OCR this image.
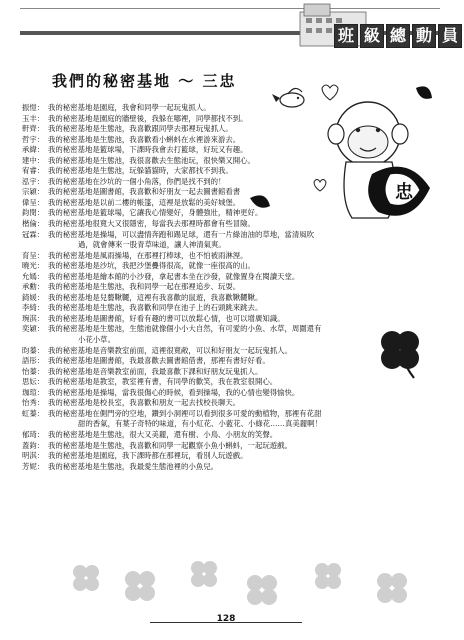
班 級 總 動 員
我們的秘密基地 ～ 三忠
忠
振愷： 我的秘密基地是園庭，我會和同學一起玩鬼抓人。
玉丰： 我的秘密基地是園庭的牆壁後，我躲在哪裡，同學都找不到。
軒齊： 我的秘密基地是生態池，我喜歡跟同學去那裡玩鬼抓人。
哲宇： 我的秘密基地是生態池，我喜歡看小蝌蚪在水裡游來游去。
承緯： 我的秘密基地是籃球場，下課時我會去打籃球，好玩又有趣。
建中： 我的秘密基地是生態池，我很喜歡去生態池玩，很快樂又開心。
宥睿： 我的秘密基地是生態池，玩躲貓貓時，大家都找不到我。
泓宇： 我的秘密基地在沙坑的一個小角落，你們是找不到的！
宗穎： 我的秘密基地是圖書館，我喜歡和好朋友一起去圖書館看書
偉呈： 我的秘密基地是以前二樓的帳篷，這裡是放鬆的美好城堡。
鈞閔： 我的秘密基地是籃球場，它讓我心情變好，身體強壯，精神更好。
楷倫： 我的秘密基地很寬大又很隱密，每當我去那裡時都會有些冒險。
冠霖： 我的秘密基地是操場，可以盡情奔跑和踢足球，還有一片綠油油的草地，當清風吹
過，就會傳來一股青草味道，讓人神清氣爽。
育呈： 我的秘密基地是風雨操場，在那裡打棒球，也不怕被雨淋溼。
曉光： 我的秘密基地是沙坑，我把沙堡疊得很高，就像一座很高的山。
允嫣： 我的秘密基地是繪本館的小沙發，拿起書本坐在沙發，就像置身在閱讀天堂。
承勳： 我的秘密基地是生態池，我和同學一起在那裡追步、玩耍。
錡媛： 我的秘密基地是兒藝鞦韆，這裡有我喜歡的鼠遊，我喜歡鞦韆鞦。
李綺： 我的秘密基地是生態池，我喜歡和同學在池子上的石頭跳來跳去。
琬淇： 我的秘密基地是圖書館，好看有趣的書可以放鬆心情，也可以增廣知識。
奕穎： 我的秘密基地是生態池，生態池就像個小小大自然，有可愛的小魚、水草，周圍還有
小花小草。
昀蓁： 我的秘密基地是音樂教室前面，這裡很寬敞，可以和好朋友一起玩鬼抓人。
語彤： 我的秘密基地是圖書館，我最喜歡去圖書館借書，那裡有書好好看。
怡蓁： 我的秘密基地是音樂教室前面，我最喜歡下課和好朋友玩鬼抓人。
思妘： 我的秘密基地是教室，教室裡有書，有同學的歡笑，我在教室很開心。
珈瑄： 我的秘密基地是操場，當我很傷心的時候，看到操場，我的心情也變得愉快。
怡秀： 我的秘密基地是校長室，我喜歡和朋友一起去找校長聊天。
虹蓁： 我的秘密基地在側門旁的空地，鑽到小洞裡可以看到很多可愛的動植物，那裡有花甜
甜的香氣，有葉子奇特的味道，有小紅花、小藍花、小綠花……真美麗啊！
郁琦： 我的秘密基地是生態池，很大又美麗，還有樹、小鳥、小朋友的笑聲。
蓋鈞： 我的秘密基地是生態池，我喜歡和同學一起觀察小魚小蝌蚪，一起玩遊戲。
明淇： 我的秘密基地是園庭，我下課時都在那裡玩，看別人玩遊戲。
芳妮： 我的秘密基地是生態池，我最愛生態池裡的小魚兒。
128
